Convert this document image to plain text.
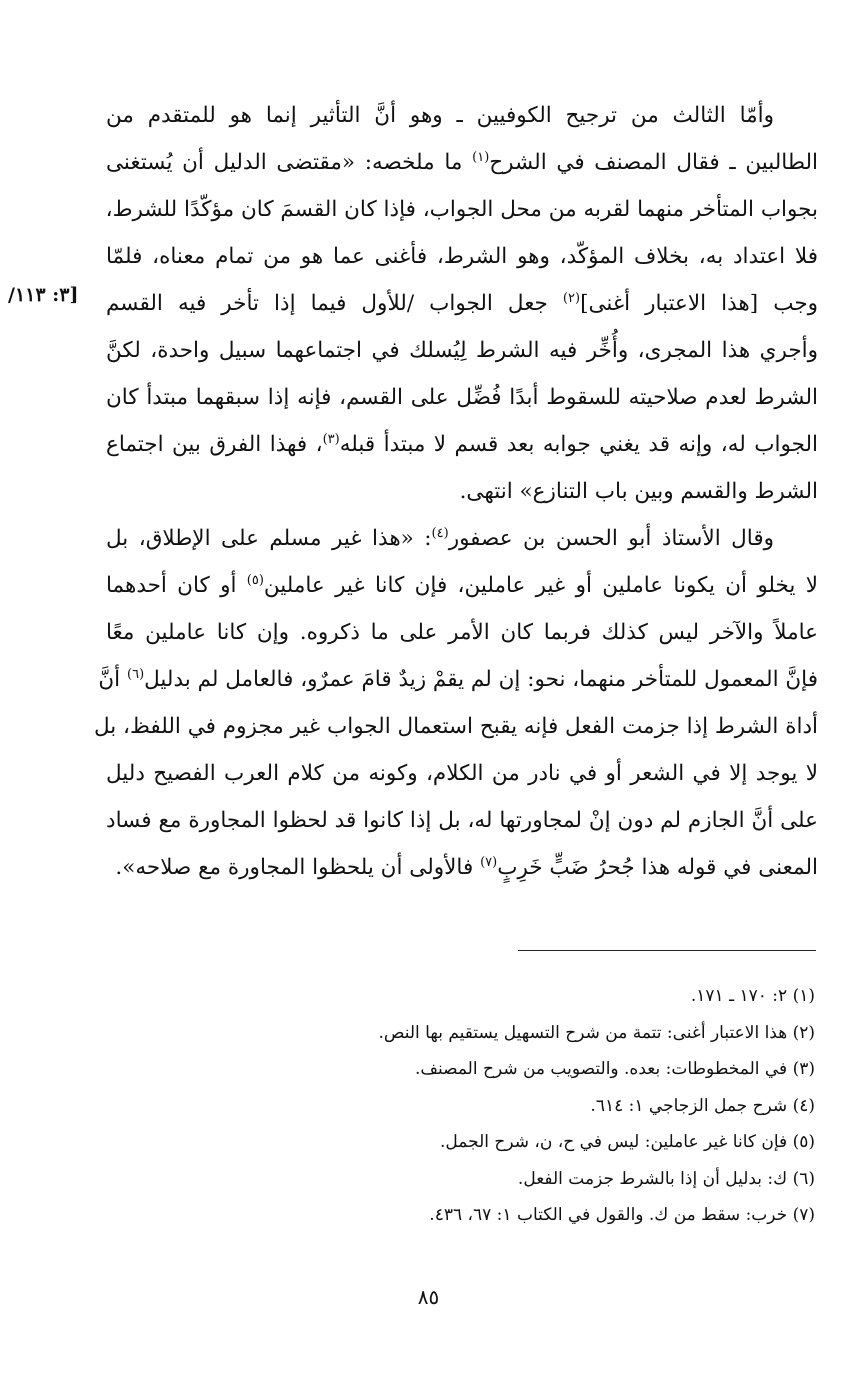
[٣: ١١٣/
وأمّا الثالث من ترجيح الكوفيين ـ وهو أنَّ التأثير إنما هو للمتقدم من
الطالبين ـ فقال المصنف في الشرح$^{(١)}$ ما ملخصه: «مقتضى الدليل أن يُستغنى
بجواب المتأخر منهما لقربه من محل الجواب، فإذا كان القسمَ كان مؤكّدًا للشرط،
فلا اعتداد به، بخلاف المؤكّد، وهو الشرط، فأغنى عما هو من تمام معناه، فلمّا
وجب [هذا الاعتبار أغنى]$^{(٢)}$ جعل الجواب /للأول فيما إذا تأخر فيه القسم
وأجري هذا المجرى، وأُخِّر فيه الشرط لِيُسلك في اجتماعهما سبيل واحدة، لكنَّ
الشرط لعدم صلاحيته للسقوط أبدًا فُضِّل على القسم، فإنه إذا سبقهما مبتدأ كان
الجواب له، وإنه قد يغني جوابه بعد قسم لا مبتدأ قبله$^{(٣)}$، فهذا الفرق بين اجتماع
الشرط والقسم وبين باب التنازع» انتهى.
وقال الأستاذ أبو الحسن بن عصفور$^{(٤)}$: «هذا غير مسلم على الإطلاق، بل
لا يخلو أن يكونا عاملين أو غير عاملين، فإن كانا غير عاملين$^{(٥)}$ أو كان أحدهما
عاملاً والآخر ليس كذلك فربما كان الأمر على ما ذكروه. وإن كانا عاملين معًا
فإنَّ المعمول للمتأخر منهما، نحو: إن لم يقمْ زيدٌ قامَ عمرٌو، فالعامل لم بدليل$^{(٦)}$ أنَّ
أداة الشرط إذا جزمت الفعل فإنه يقبح استعمال الجواب غير مجزوم في اللفظ، بل
لا يوجد إلا في الشعر أو في نادر من الكلام، وكونه من كلام العرب الفصيح دليل
على أنَّ الجازم لم دون إنْ لمجاورتها له، بل إذا كانوا قد لحظوا المجاورة مع فساد
المعنى في قوله هذا جُحرُ ضَبٍّ خَرِبٍ$^{(٧)}$ فالأولى أن يلحظوا المجاورة مع صلاحه».
(١) ٢: ١٧٠ ـ ١٧١.
(٢) هذا الاعتبار أغنى: تتمة من شرح التسهيل يستقيم بها النص.
(٣) في المخطوطات: بعده. والتصويب من شرح المصنف.
(٤) شرح جمل الزجاجي ١: ٦١٤.
(٥) فإن كانا غير عاملين: ليس في ح، ن، شرح الجمل.
(٦) ك: بدليل أن إذا بالشرط جزمت الفعل.
(٧) خرب: سقط من ك. والقول في الكتاب ١: ٦٧، ٤٣٦.
٨٥
